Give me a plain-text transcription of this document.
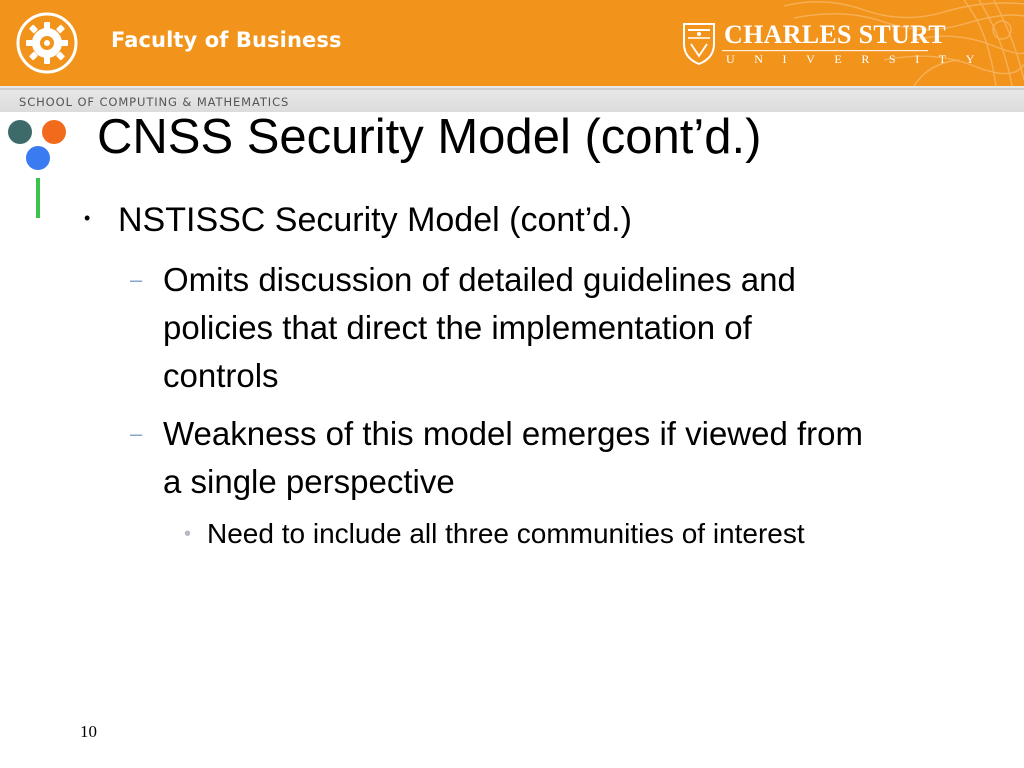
Faculty of Business	CHARLES STURT
UNIVERSITY
SCHOOL OF COMPUTING & MATHEMATICS
CNSS Security Model (cont’d.)
• NSTISSC Security Model (cont’d.)
– Omits discussion of detailed guidelines and
policies that direct the implementation of
controls
– Weakness of this model emerges if viewed from
a single perspective
• Need to include all three communities of interest
10
